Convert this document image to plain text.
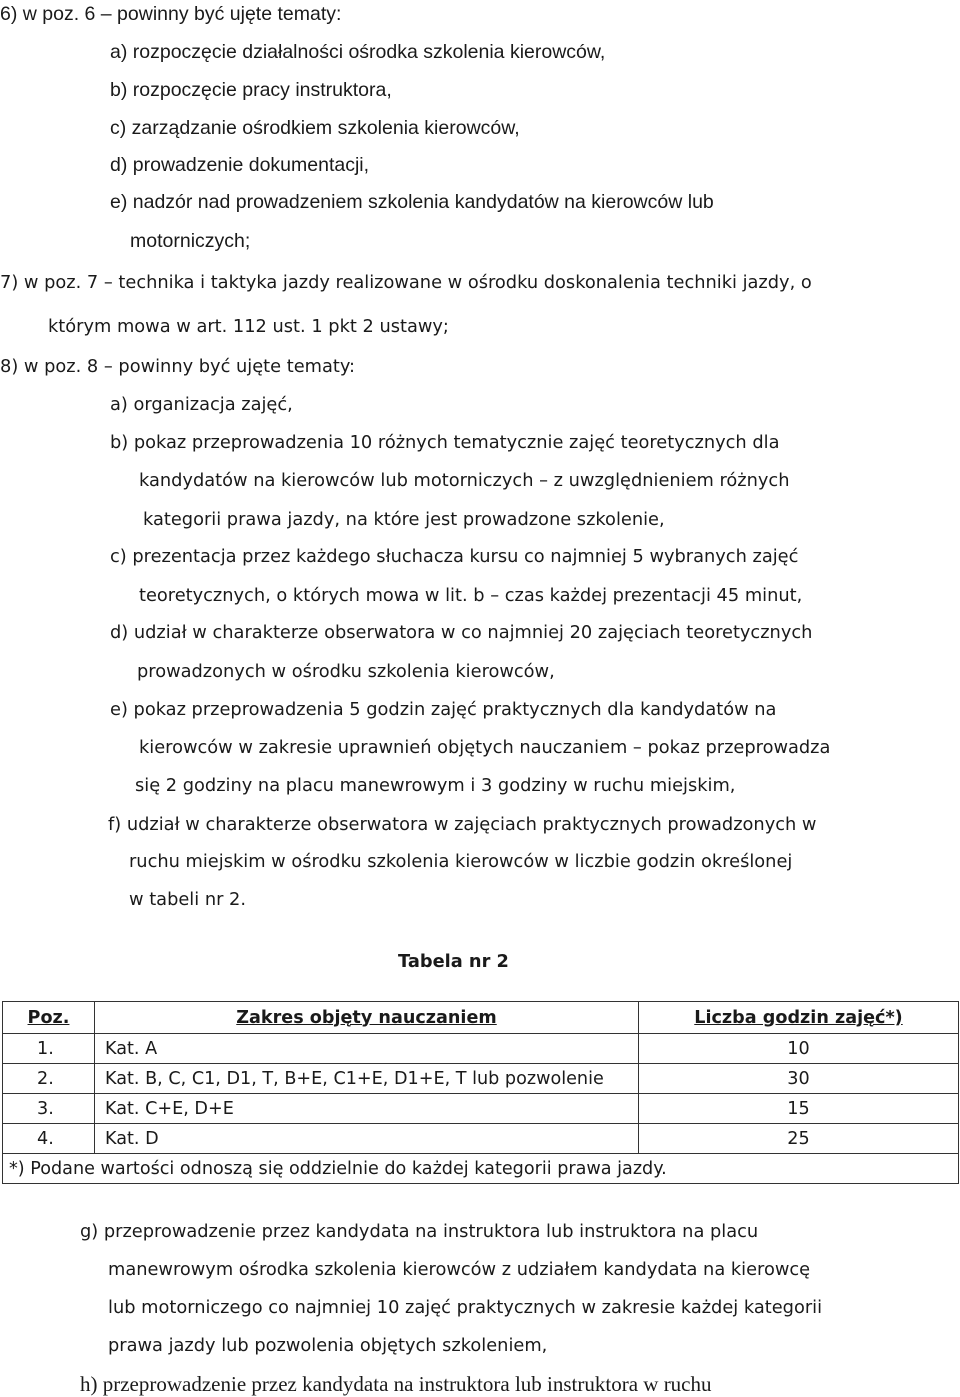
6) w poz. 6 – powinny być ujęte tematy:

a) rozpoczęcie działalności ośrodka szkolenia kierowców,

b) rozpoczęcie pracy instruktora,

c) zarządzanie ośrodkiem szkolenia kierowców,

d) prowadzenie dokumentacji,

e) nadzór nad prowadzeniem szkolenia kandydatów na kierowców lub

motorniczych;

7) w poz. 7 – technika i taktyka jazdy realizowane w ośrodku doskonalenia techniki jazdy, o

którym mowa w art. 112 ust. 1 pkt 2 ustawy;

8) w poz. 8 – powinny być ujęte tematy:

a) organizacja zajęć,

b) pokaz przeprowadzenia 10 różnych tematycznie zajęć teoretycznych dla

kandydatów na kierowców lub motorniczych – z uwzględnieniem różnych

kategorii prawa jazdy, na które jest prowadzone szkolenie,

c) prezentacja przez każdego słuchacza kursu co najmniej 5 wybranych zajęć

teoretycznych, o których mowa w lit. b – czas każdej prezentacji 45 minut,

d) udział w charakterze obserwatora w co najmniej 20 zajęciach teoretycznych

prowadzonych w ośrodku szkolenia kierowców,

e) pokaz przeprowadzenia 5 godzin zajęć praktycznych dla kandydatów na

kierowców w zakresie uprawnień objętych nauczaniem – pokaz przeprowadza

się 2 godziny na placu manewrowym i 3 godziny w ruchu miejskim,

f) udział w charakterze obserwatora w zajęciach praktycznych prowadzonych w

ruchu miejskim w ośrodku szkolenia kierowców w liczbie godzin określonej

w tabeli nr 2.

Tabela nr 2

Poz.	Zakres objęty nauczaniem	Liczba godzin zajęć*)
1.	Kat. A	10
2.	Kat. B, C, C1, D1, T, B+E, C1+E, D1+E, T lub pozwolenie	30
3.	Kat. C+E, D+E	15
4.	Kat. D	25
*) Podane wartości odnoszą się oddzielnie do każdej kategorii prawa jazdy.		

g) przeprowadzenie przez kandydata na instruktora lub instruktora na placu

manewrowym ośrodka szkolenia kierowców z udziałem kandydata na kierowcę

lub motorniczego co najmniej 10 zajęć praktycznych w zakresie każdej kategorii

prawa jazdy lub pozwolenia objętych szkoleniem,

h) przeprowadzenie przez kandydata na instruktora lub instruktora w ruchu
